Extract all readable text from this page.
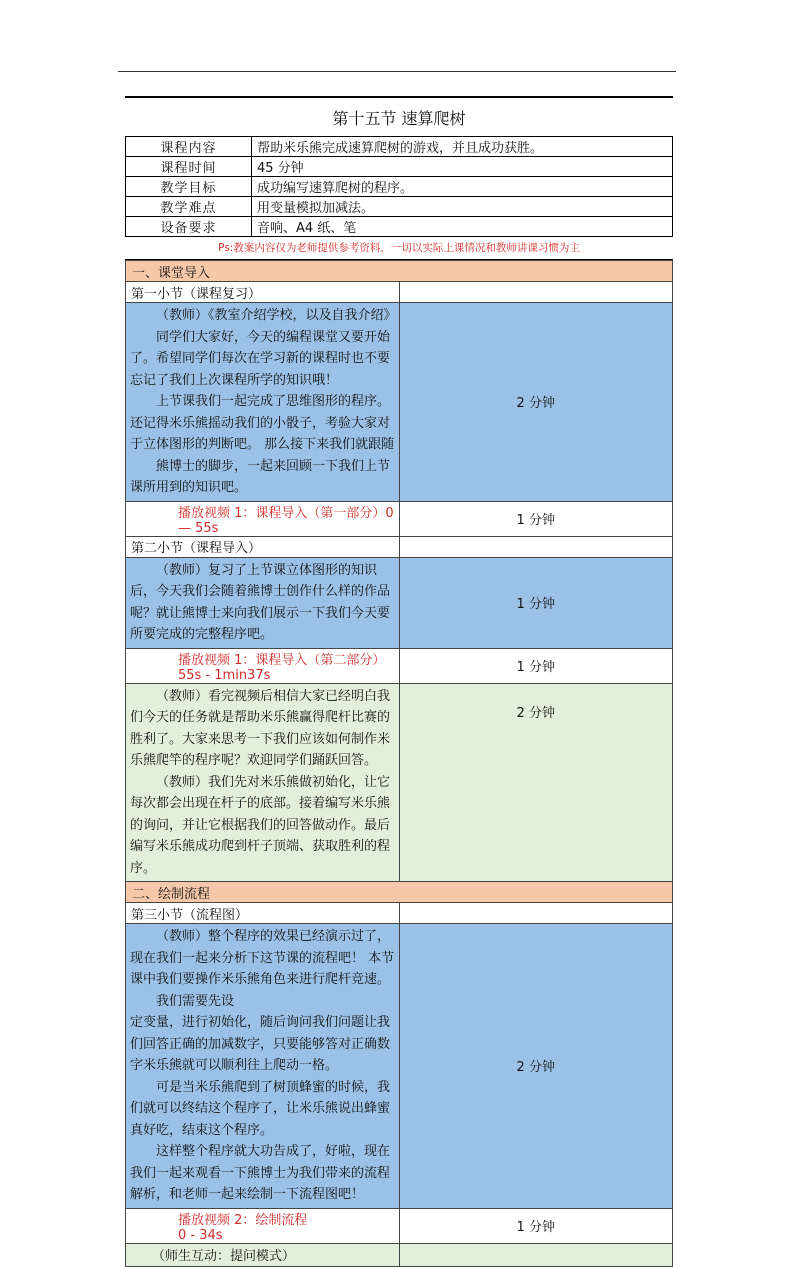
第十五节 速算爬树
课程内容	帮助米乐熊完成速算爬树的游戏，并且成功获胜。
课程时间	45 分钟
教学目标	成功编写速算爬树的程序。
教学难点	用变量模拟加减法。
设备要求	音响、A4 纸、笔
Ps:教案内容仅为老师提供参考资料，一切以实际上课情况和教师讲课习惯为主
一、课堂导入	
第一小节（课程复习）	

（教师）《教室介绍学校，以及自我介绍》

同学们大家好，今天的编程课堂又要开始了。希望同学们每次在学习新的课程时也不要忘记了我们上次课程所学的知识哦！

上节课我们一起完成了思维图形的程序。还记得米乐熊摇动我们的小骰子，考验大家对于立体图形的判断吧。 那么接下来我们就跟随

熊博士的脚步，一起来回顾一下我们上节

课所用到的知识吧。	2 分钟
播放视频 1：课程导入（第一部分）0 — 55s	1 分钟
第二小节（课程导入）	

（教师）复习了上节课立体图形的知识后，今天我们会随着熊博士创作什么样的作品呢？就让熊博士来向我们展示一下我们今天要所要完成的完整程序吧。	1 分钟
播放视频 1：课程导入（第二部分）55s - 1min37s	1 分钟

（教师）看完视频后相信大家已经明白我们今天的任务就是帮助米乐熊赢得爬杆比赛的胜利了。大家来思考一下我们应该如何制作米乐熊爬竿的程序呢？欢迎同学们踊跃回答。

（教师）我们先对米乐熊做初始化，让它每次都会出现在杆子的底部。接着编写米乐熊的询问，并让它根据我们的回答做动作。最后编写米乐熊成功爬到杆子顶端、获取胜利的程序。	2 分钟
二、绘制流程	
第三小节（流程图）	

（教师）整个程序的效果已经演示过了，现在我们一起来分析下这节课的流程吧！ 本节课中我们要操作米乐熊角色来进行爬杆竞速。

我们需要先设

定变量，进行初始化，随后询问我们问题让我们回答正确的加减数字，只要能够答对正确数字米乐熊就可以顺利往上爬动一格。

可是当米乐熊爬到了树顶蜂蜜的时候，我们就可以终结这个程序了，让米乐熊说出蜂蜜真好吃，结束这个程序。

这样整个程序就大功告成了，好啦，现在我们一起来观看一下熊博士为我们带来的流程解析，和老师一起来绘制一下流程图吧！	2 分钟
播放视频 2：绘制流程0 - 34s	1 分钟
（师生互动：提问模式）	
